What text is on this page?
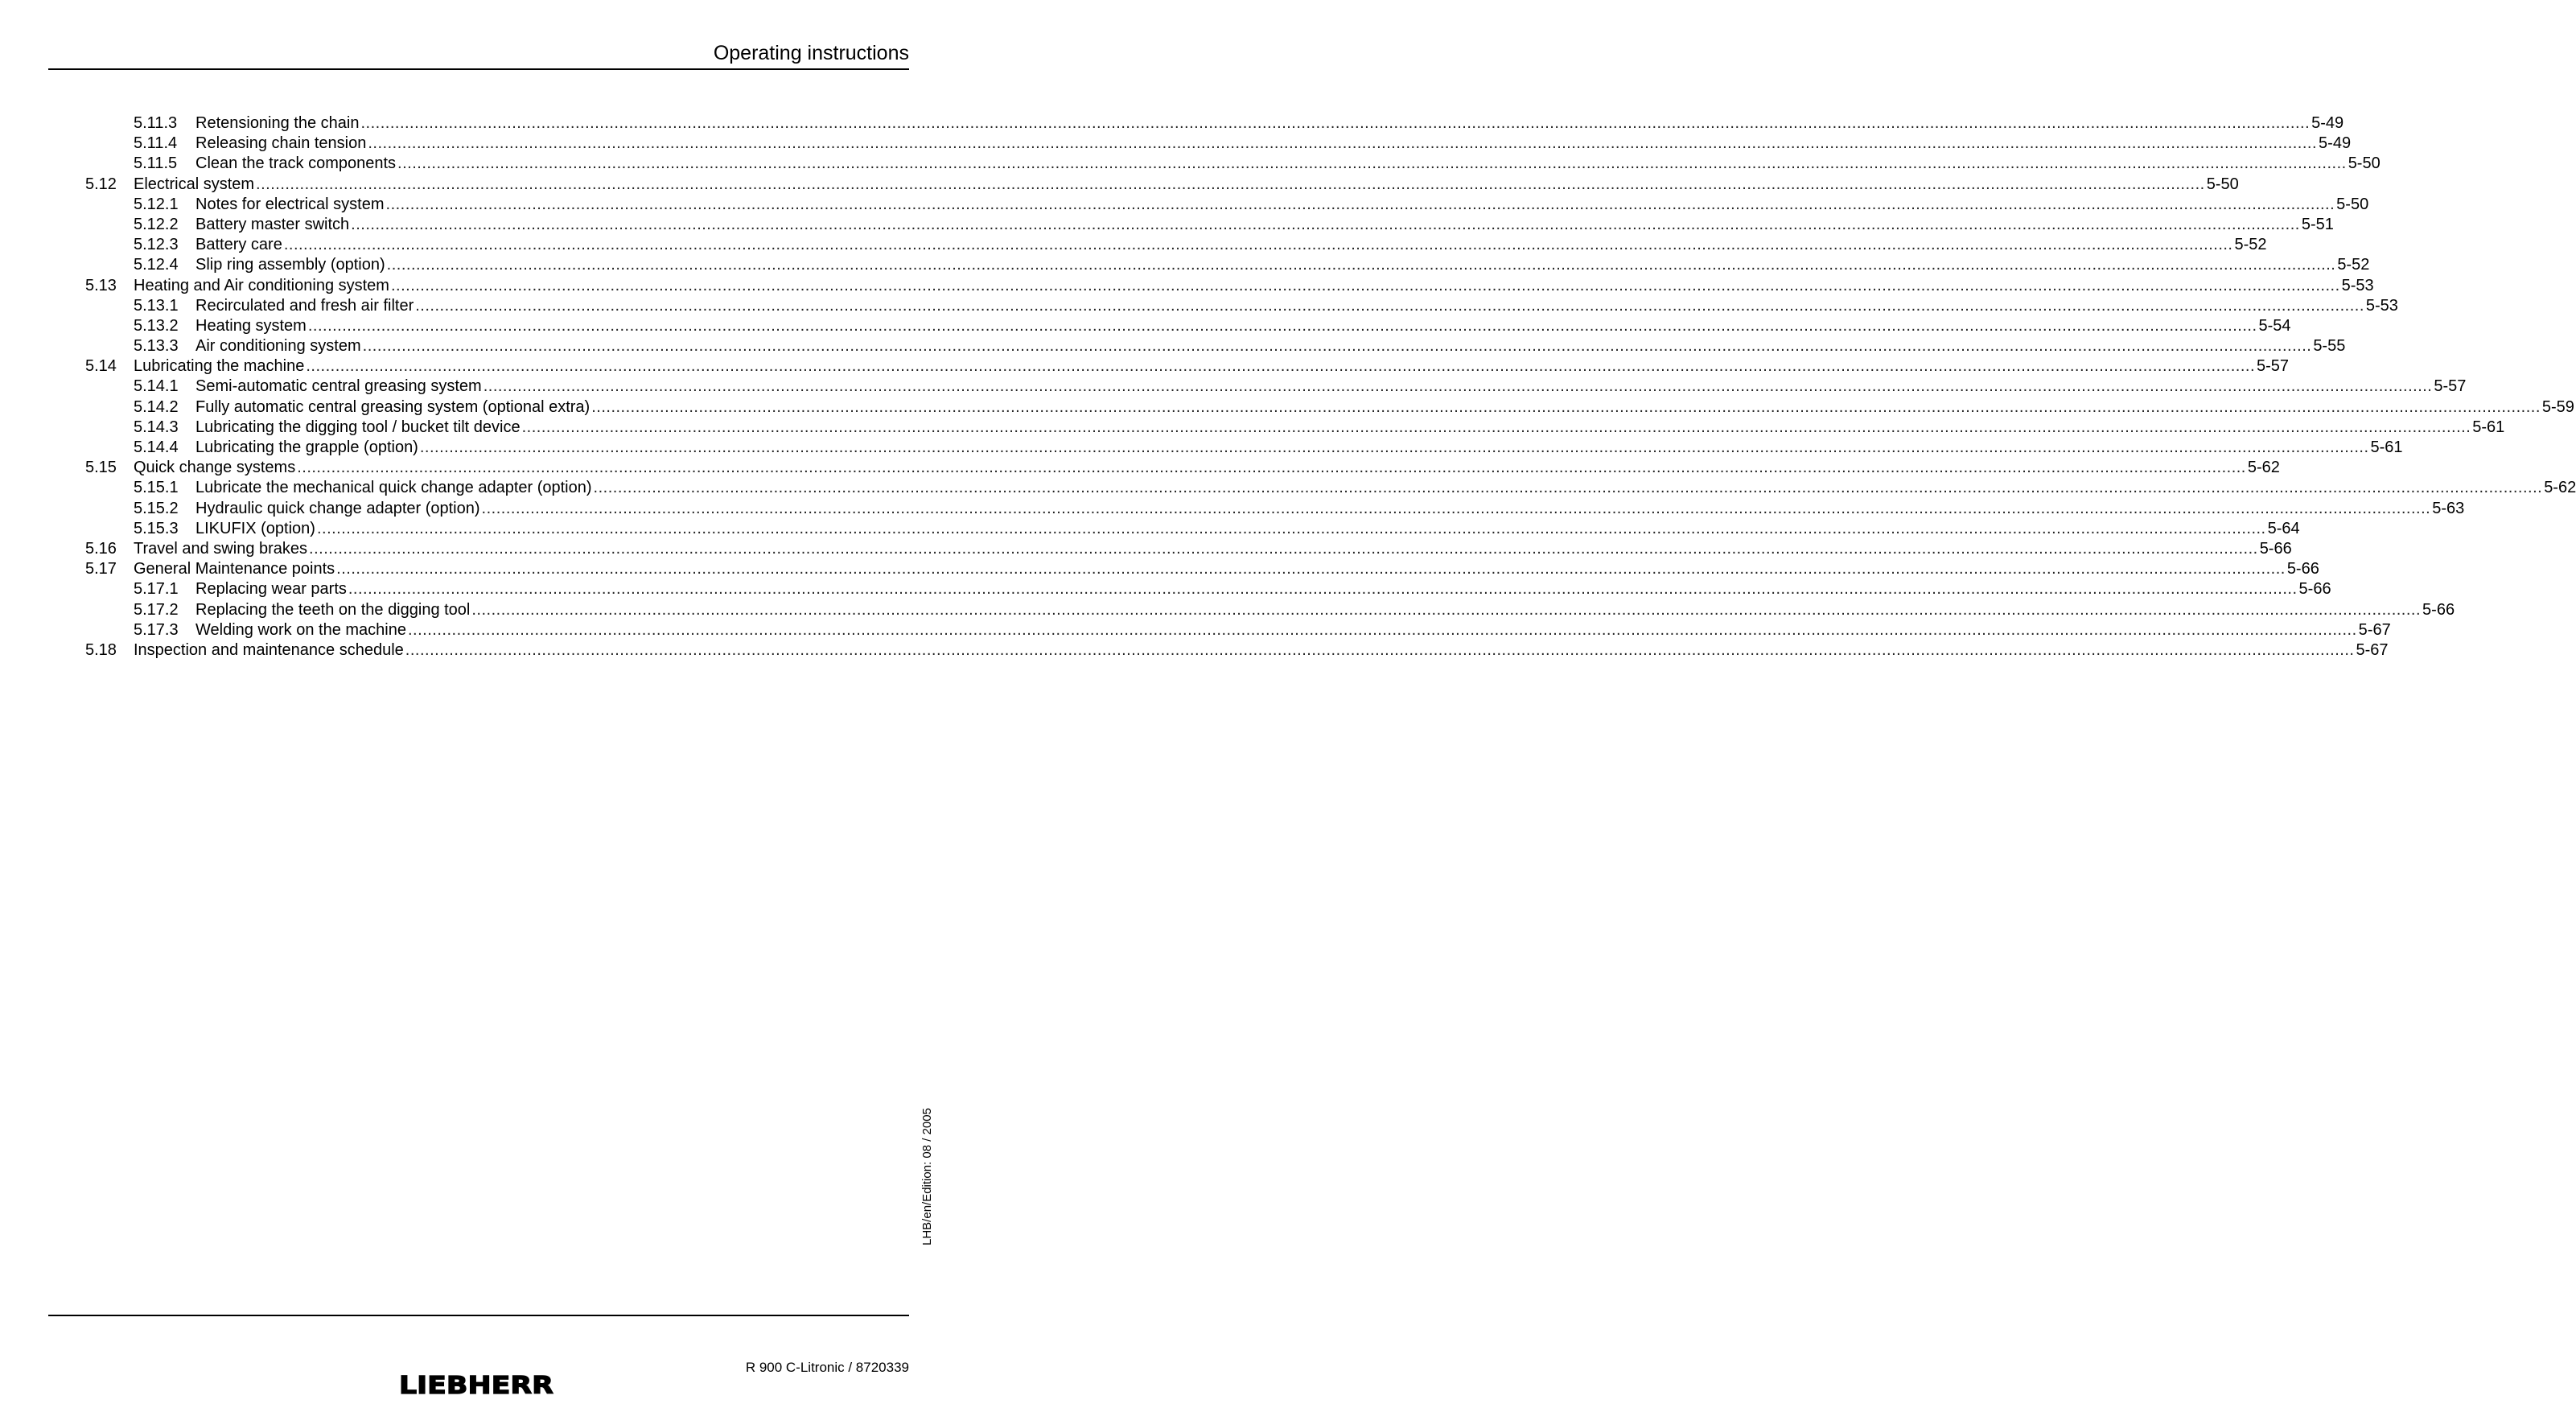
Operating instructions
5.11.3 Retensioning the chain ................................................................................................................................................................................................................................................................................................................................................................................................................ 5-49
5.11.4 Releasing chain tension ................................................................................................................................................................................................................................................................................................................................................................................................................ 5-49
5.11.5 Clean the track components ................................................................................................................................................................................................................................................................................................................................................................................................................ 5-50
5.12 Electrical system ................................................................................................................................................................................................................................................................................................................................................................................................................ 5-50
5.12.1 Notes for electrical system ................................................................................................................................................................................................................................................................................................................................................................................................................ 5-50
5.12.2 Battery master switch ................................................................................................................................................................................................................................................................................................................................................................................................................ 5-51
5.12.3 Battery care ................................................................................................................................................................................................................................................................................................................................................................................................................ 5-52
5.12.4 Slip ring assembly (option) ................................................................................................................................................................................................................................................................................................................................................................................................................ 5-52
5.13 Heating and Air conditioning system ................................................................................................................................................................................................................................................................................................................................................................................................................ 5-53
5.13.1 Recirculated and fresh air filter ................................................................................................................................................................................................................................................................................................................................................................................................................ 5-53
5.13.2 Heating system ................................................................................................................................................................................................................................................................................................................................................................................................................ 5-54
5.13.3 Air conditioning system ................................................................................................................................................................................................................................................................................................................................................................................................................ 5-55
5.14 Lubricating the machine ................................................................................................................................................................................................................................................................................................................................................................................................................ 5-57
5.14.1 Semi-automatic central greasing system ................................................................................................................................................................................................................................................................................................................................................................................................................ 5-57
5.14.2 Fully automatic central greasing system (optional extra) ................................................................................................................................................................................................................................................................................................................................................................................................................ 5-59
5.14.3 Lubricating the digging tool / bucket tilt device ................................................................................................................................................................................................................................................................................................................................................................................................................ 5-61
5.14.4 Lubricating the grapple (option) ................................................................................................................................................................................................................................................................................................................................................................................................................ 5-61
5.15 Quick change systems ................................................................................................................................................................................................................................................................................................................................................................................................................ 5-62
5.15.1 Lubricate the mechanical quick change adapter (option) ................................................................................................................................................................................................................................................................................................................................................................................................................ 5-62
5.15.2 Hydraulic quick change adapter (option) ................................................................................................................................................................................................................................................................................................................................................................................................................ 5-63
5.15.3 LIKUFIX (option) ................................................................................................................................................................................................................................................................................................................................................................................................................ 5-64
5.16 Travel and swing brakes ................................................................................................................................................................................................................................................................................................................................................................................................................ 5-66
5.17 General Maintenance points ................................................................................................................................................................................................................................................................................................................................................................................................................ 5-66
5.17.1 Replacing wear parts ................................................................................................................................................................................................................................................................................................................................................................................................................ 5-66
5.17.2 Replacing the teeth on the digging tool ................................................................................................................................................................................................................................................................................................................................................................................................................ 5-66
5.17.3 Welding work on the machine ................................................................................................................................................................................................................................................................................................................................................................................................................ 5-67
5.18 Inspection and maintenance schedule ................................................................................................................................................................................................................................................................................................................................................................................................................ 5-67
LHB/en/Edition: 08 / 2005
R 900 C-Litronic / 8720339
LIEBHERR
